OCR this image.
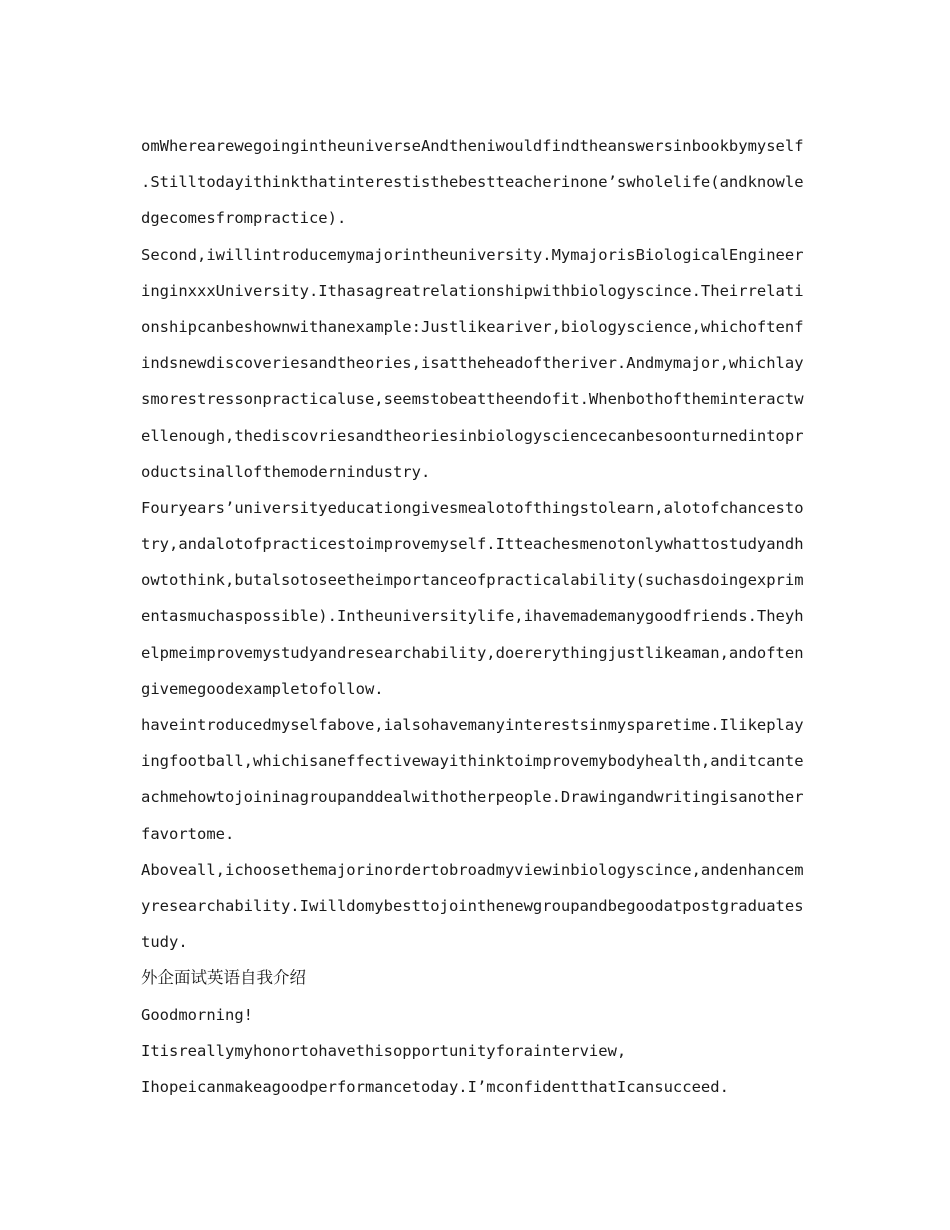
omWherearewegoingintheuniverseAndtheniwouldfindtheanswersinbookbymyself
.Stilltodayithinkthatinterestisthebestteacherinone’swholelife(andknowle
dgecomesfrompractice).
Second,iwillintroducemymajorintheuniversity.MymajorisBiologicalEngineer
inginxxxUniversity.Ithasagreatrelationshipwithbiologyscince.Theirrelati
onshipcanbeshownwithanexample:Justlikeariver,biologyscience,whichoftenf
indsnewdiscoveriesandtheories,isattheheadoftheriver.Andmymajor,whichlay
smorestressonpracticaluse,seemstobeattheendofit.Whenbothoftheminteractw
ellenough,thediscovriesandtheoriesinbiologysciencecanbesoonturnedintopr
oductsinallofthemodernindustry.
Fouryears’universityeducationgivesmealotofthingstolearn,alotofchancesto
try,andalotofpracticestoimprovemyself.Itteachesmenotonlywhattostudyandh
owtothink,butalsotoseetheimportanceofpracticalability(suchasdoingexprim
entasmuchaspossible).Intheuniversitylife,ihavemademanygoodfriends.Theyh
elpmeimprovemystudyandresearchability,doererythingjustlikeaman,andoften
givemegoodexampletofollow.
haveintroducedmyselfabove,ialsohavemanyinterestsinmysparetime.Ilikeplay
ingfootball,whichisaneffectivewayithinktoimprovemybodyhealth,anditcante
achmehowtojoininagroupanddealwithotherpeople.Drawingandwritingisanother
favortome.
Aboveall,ichoosethemajorinordertobroadmyviewinbiologyscince,andenhancem
yresearchability.Iwilldomybesttojointhenewgroupandbegoodatpostgraduates
tudy.
外企面试英语自我介绍
Goodmorning!
Itisreallymyhonortohavethisopportunityforainterview,
Ihopeicanmakeagoodperformancetoday.I’mconfidentthatIcansucceed.
